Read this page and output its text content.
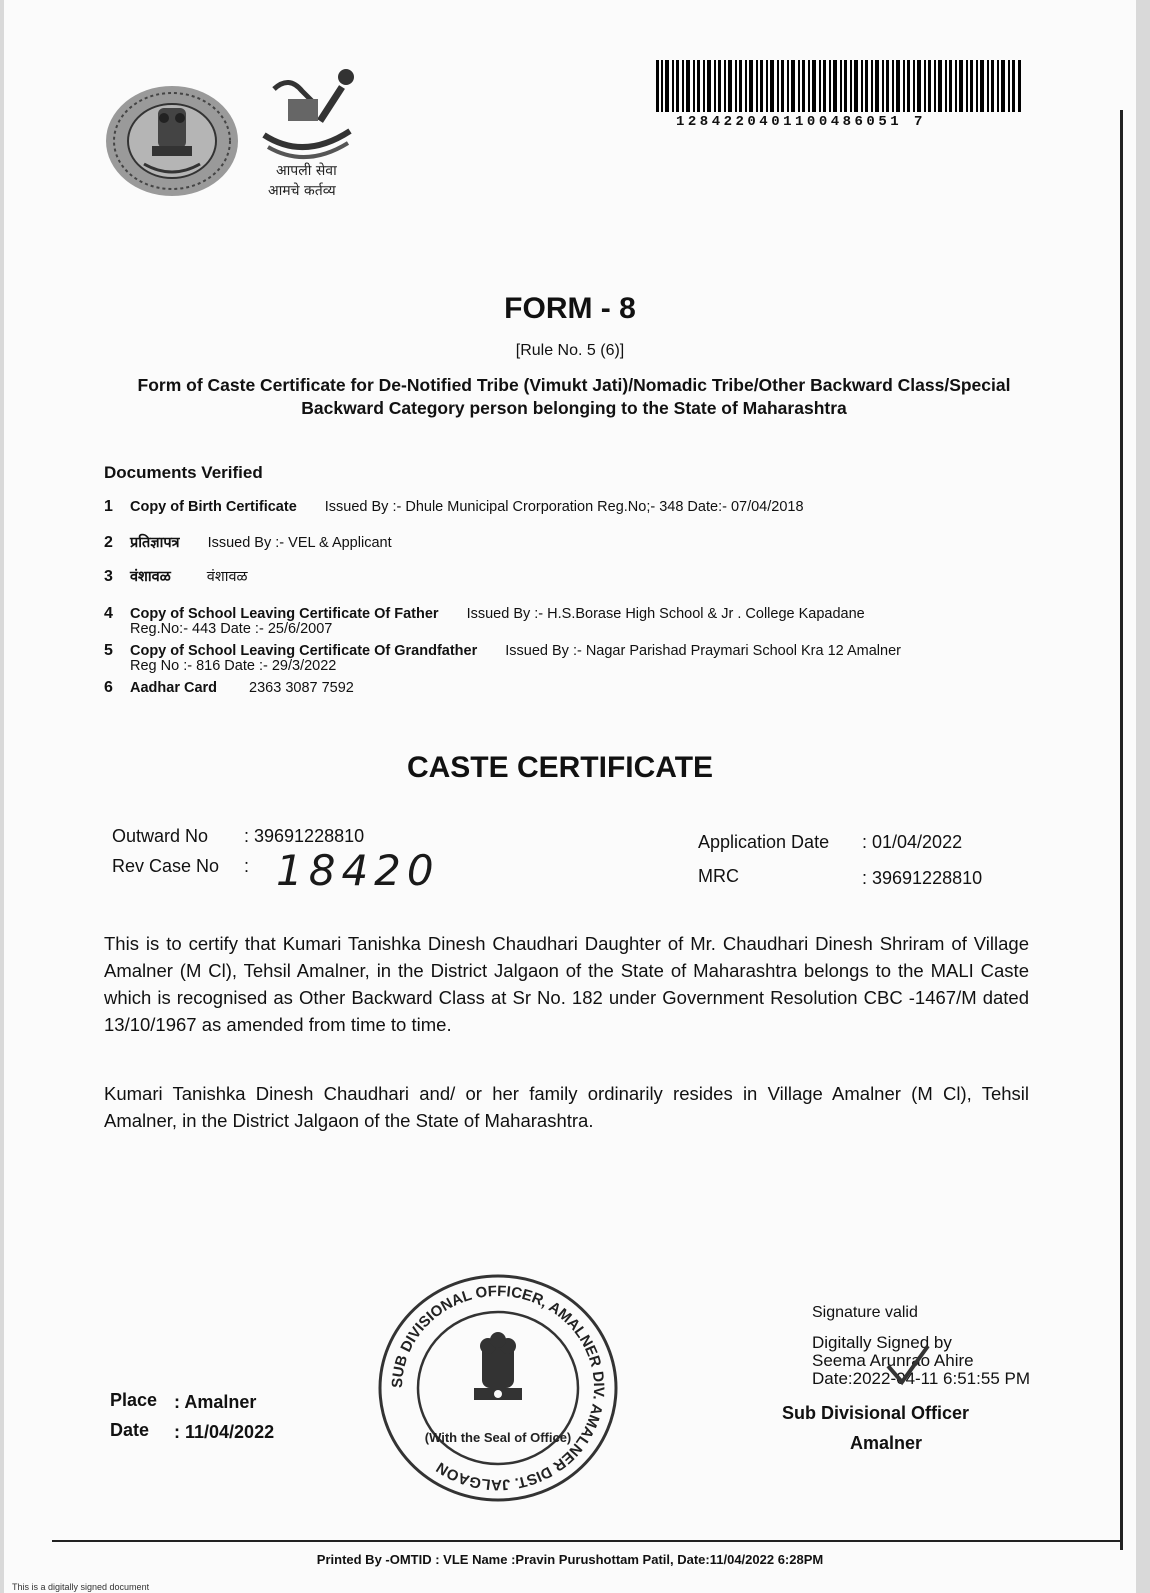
आपली सेवा
आमचे कर्तव्य
1284220401100486051 7
FORM - 8
[Rule No. 5 (6)]
Form of Caste Certificate for De-Notified Tribe (Vimukt Jati)/Nomadic Tribe/Other Backward Class/Special Backward Category person belonging to the State of Maharashtra
Documents Verified
1 Copy of Birth Certificate Issued By :- Dhule Municipal Crorporation Reg.No;- 348 Date:- 07/04/2018
2 प्रतिज्ञापत्र Issued By :- VEL & Applicant
3 वंशावळ वंशावळ
4 Copy of School Leaving Certificate Of Father Issued By :- H.S.Borase High School & Jr . College Kapadane
Reg.No:- 443 Date :- 25/6/2007
5 Copy of School Leaving Certificate Of Grandfather Issued By :- Nagar Parishad Praymari School Kra 12 Amalner
Reg No :- 816 Date :- 29/3/2022
6 Aadhar Card 2363 3087 7592
CASTE CERTIFICATE
Outward No : 39691228810
Rev Case No : 18420
Application Date : 01/04/2022
MRC	: 39691228810
This is to certify that Kumari Tanishka Dinesh Chaudhari Daughter of Mr. Chaudhari Dinesh Shriram of Village Amalner (M Cl), Tehsil Amalner, in the District Jalgaon of the State of Maharashtra belongs to the MALI Caste which is recognised as Other Backward Class at Sr No. 182 under Government Resolution CBC -1467/M dated 13/10/1967 as amended from time to time.
Kumari Tanishka Dinesh Chaudhari and/ or her family ordinarily resides in Village Amalner (M Cl), Tehsil Amalner, in the District Jalgaon of the State of Maharashtra.
SUB DIVISIONAL OFFICER, AMALNER DIV. AMALNER DIST. JALGAON
(With the Seal of Office)
Place : Amalner
Date : 11/04/2022
Signature valid
Digitally Signed by
Seema Arunrao Ahire
Date:2022-04-11 6:51:55 PM
Sub Divisional Officer
Amalner
Printed By -OMTID : VLE Name :Pravin Purushottam Patil, Date:11/04/2022 6:28PM
This is a digitally signed document
